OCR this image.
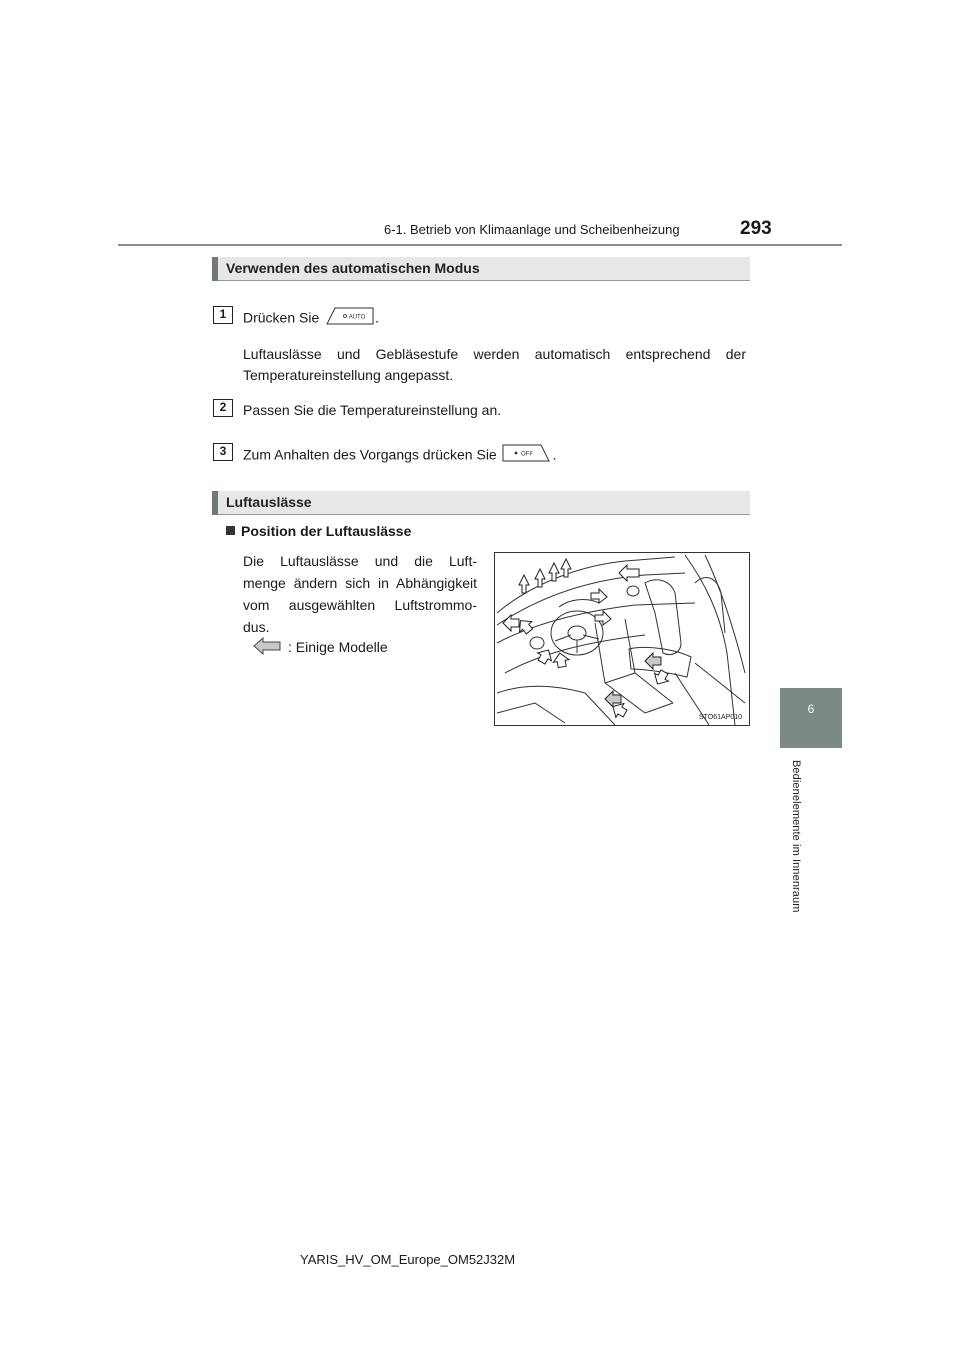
6-1. Betrieb von Klimaanlage und Scheibenheizung	293
6
Bedienelemente im Innenraum
Verwenden des automatischen Modus
1	Drücken Sie	AUTO .
Luftauslässe und Gebläsestufe werden automatisch entsprechend der Temperatureinstellung angepasst.
2	Passen Sie die Temperatureinstellung an.
3	Zum Anhalten des Vorgangs drücken Sie	OFF .
Luftauslässe
Position der Luftauslässe
Die Luftauslässe und die Luft-
menge ändern sich in Abhängigkeit
vom ausgewählten Luftstrommo-
dus.
: Einige Modelle
STO61AP010
YARIS_HV_OM_Europe_OM52J32M
